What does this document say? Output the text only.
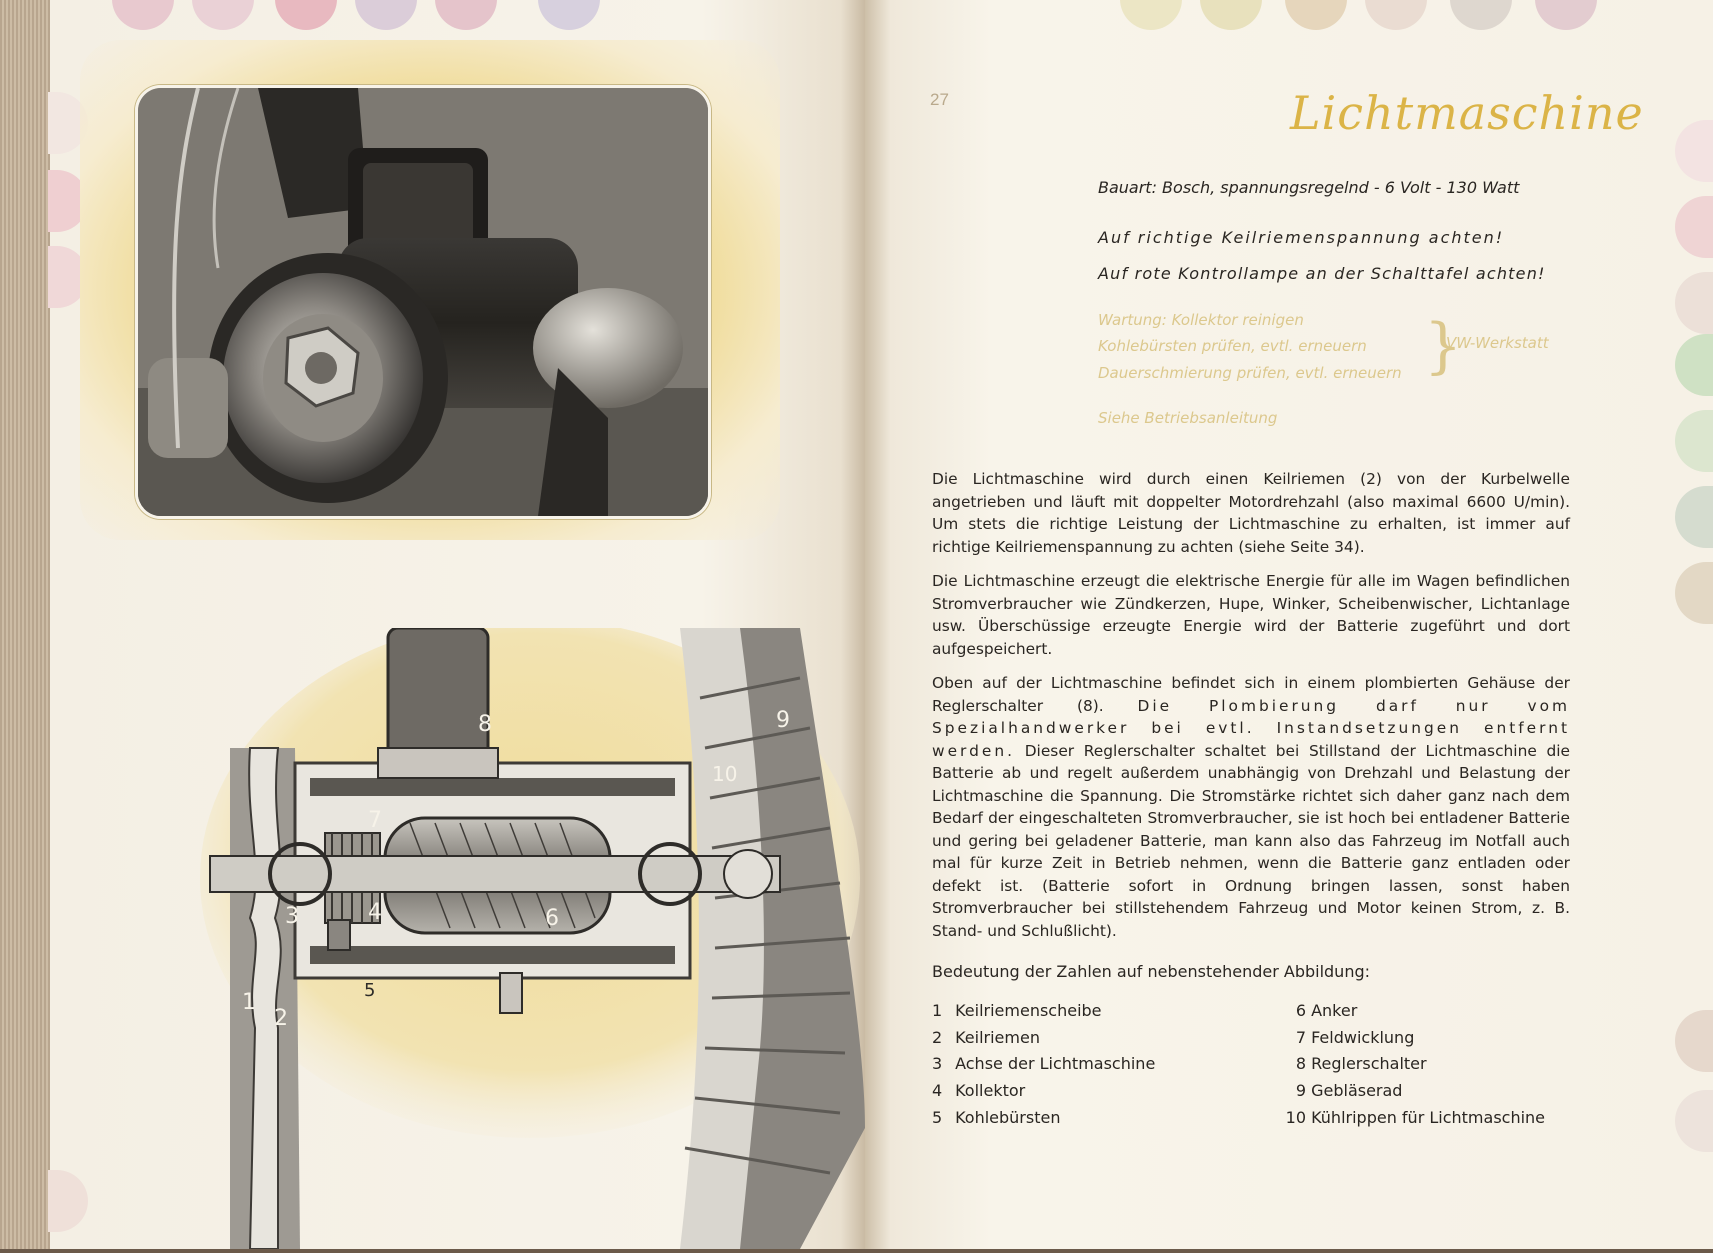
1
2
3	4
5
6
7
8	9
10
27	Lichtmaschine
Bauart: Bosch, spannungsregelnd - 6 Volt - 130 Watt
Auf richtige Keilriemenspannung achten!
Auf rote Kontrollampe an der Schalttafel achten!
Wartung: Kollektor reinigen
Kohlebürsten prüfen, evtl. erneuern
Dauerschmierung prüfen, evtl. erneuern }
VW-Werkstatt
Siehe Betriebsanleitung

Die Lichtmaschine wird durch einen Keilriemen (2) von der Kurbelwelle angetrieben und läuft mit doppelter Motordrehzahl (also maximal 6600 U/min). Um stets die richtige Leistung der Lichtmaschine zu erhalten, ist immer auf richtige Keilriemenspannung zu achten (siehe Seite 34).

Die Lichtmaschine erzeugt die elektrische Energie für alle im Wagen befindlichen Stromverbraucher wie Zündkerzen, Hupe, Winker, Scheibenwischer, Lichtanlage usw. Überschüssige erzeugte Energie wird der Batterie zugeführt und dort aufgespeichert.

Oben auf der Lichtmaschine befindet sich in einem plombierten Gehäuse der Reglerschalter (8). Die Plombierung darf nur vom Spezialhandwerker bei evtl. Instandsetzungen entfernt werden. Dieser Reglerschalter schaltet bei Stillstand der Lichtmaschine die Batterie ab und regelt außerdem unabhängig von Drehzahl und Belastung der Lichtmaschine die Spannung. Die Stromstärke richtet sich daher ganz nach dem Bedarf der eingeschalteten Stromverbraucher, sie ist hoch bei entladener Batterie und gering bei geladener Batterie, man kann also das Fahrzeug im Notfall auch mal für kurze Zeit in Betrieb nehmen, wenn die Batterie ganz entladen oder defekt ist. (Batterie sofort in Ordnung bringen lassen, sonst haben Stromverbraucher bei stillstehendem Fahrzeug und Motor keinen Strom, z. B. Stand- und Schlußlicht).

Bedeutung der Zahlen auf nebenstehender Abbildung:
1 Keilriemenscheibe
2 Keilriemen
3 Achse der Lichtmaschine
4 Kollektor
5 Kohlebürsten
6 Anker
7 Feldwicklung
8 Reglerschalter
9 Gebläserad
10 Kühlrippen für Lichtmaschine
